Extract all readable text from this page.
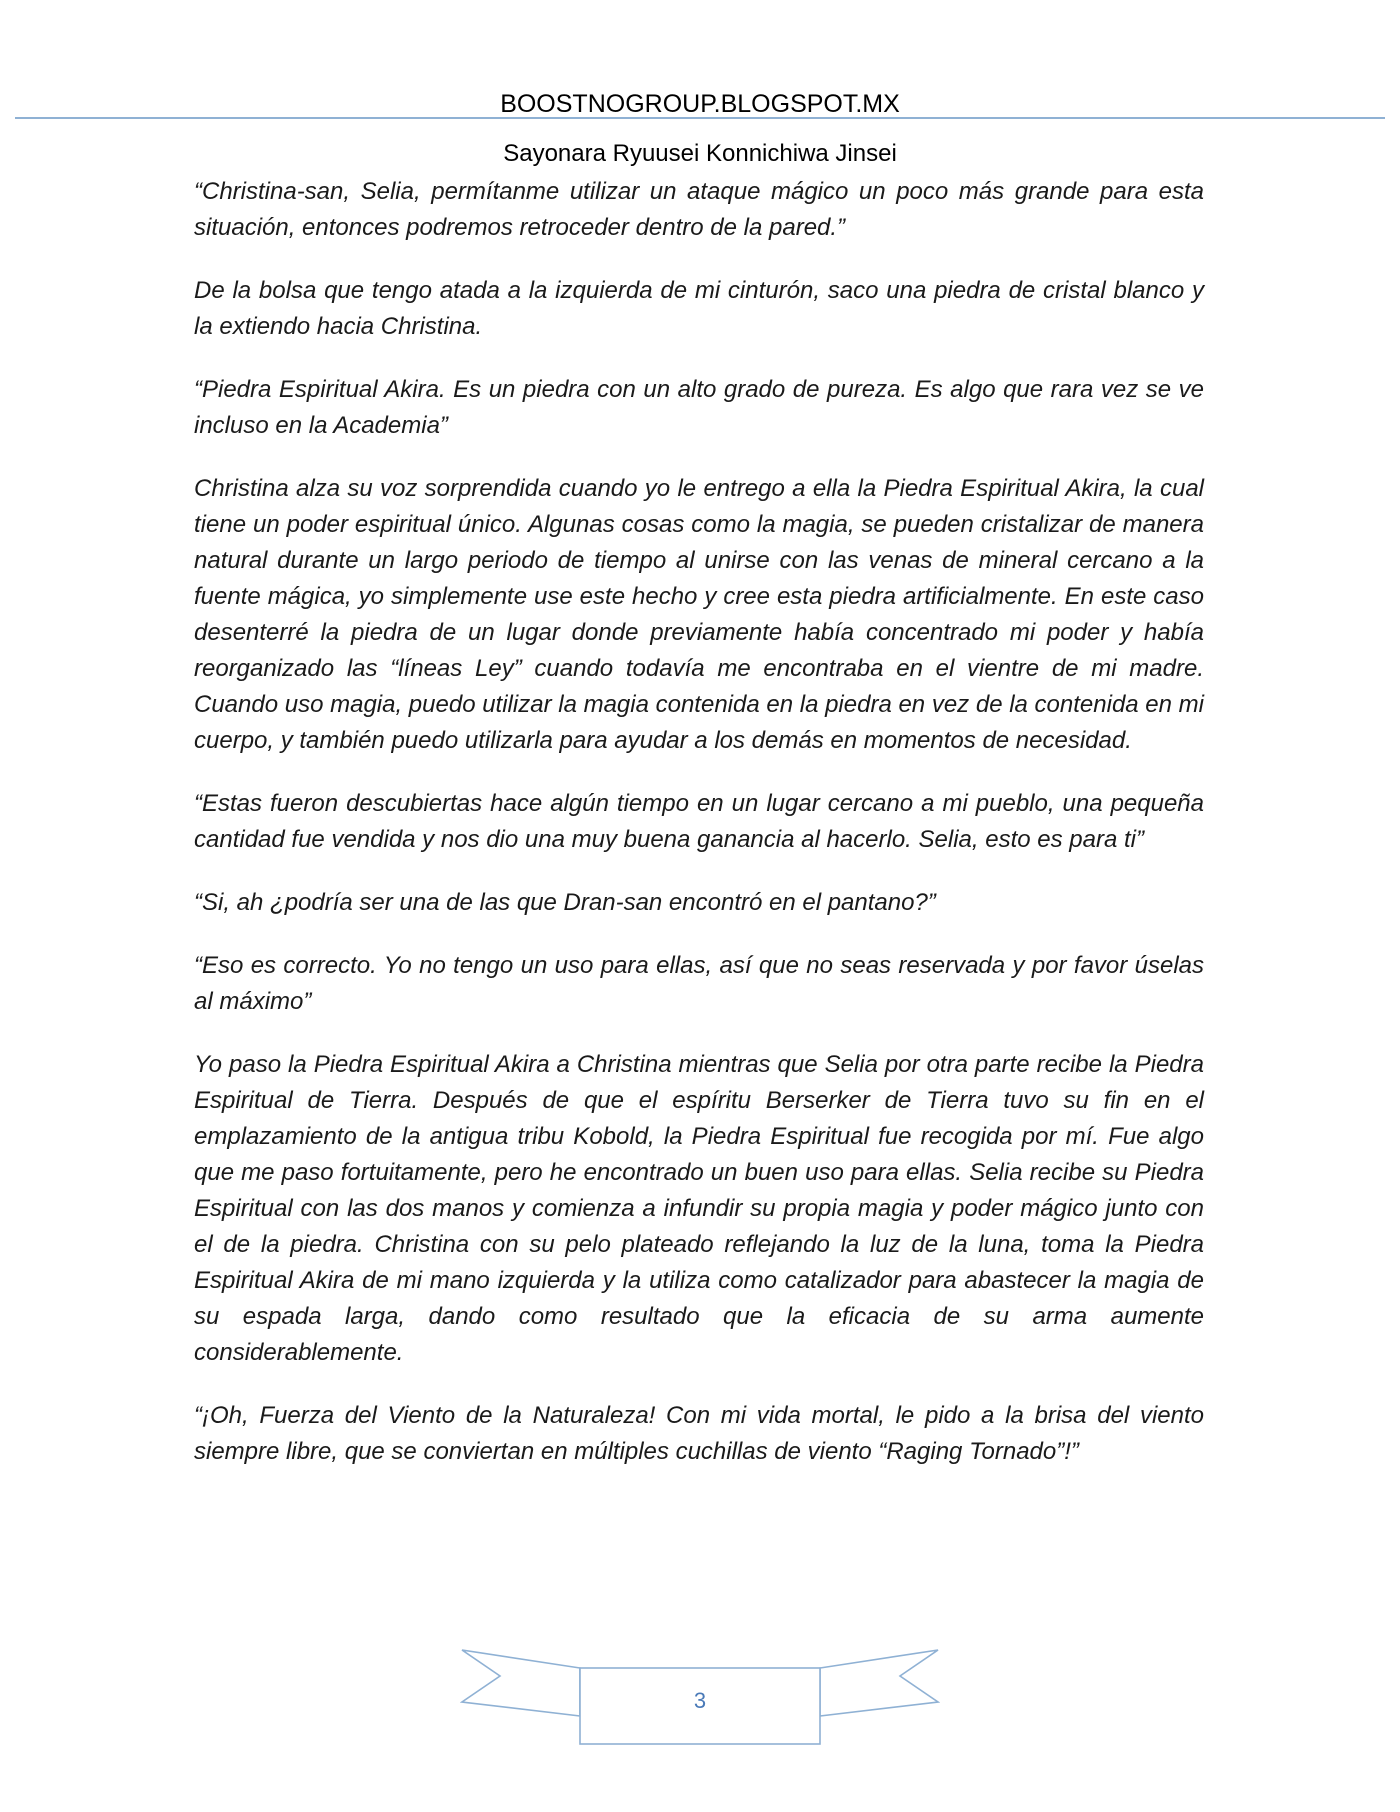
BOOSTNOGROUP.BLOGSPOT.MX
Sayonara Ryuusei Konnichiwa Jinsei

“Christina-san, Selia, permítanme utilizar un ataque mágico un poco más grande para esta situación, entonces podremos retroceder dentro de la pared.”

De la bolsa que tengo atada a la izquierda de mi cinturón, saco una piedra de cristal blanco y la extiendo hacia Christina.

“Piedra Espiritual Akira. Es un piedra con un alto grado de pureza. Es algo que rara vez se ve incluso en la Academia”

Christina alza su voz sorprendida cuando yo le entrego a ella la Piedra Espiritual Akira, la cual tiene un poder espiritual único. Algunas cosas como la magia, se pueden cristalizar de manera natural durante un largo periodo de tiempo al unirse con las venas de mineral cercano a la fuente mágica, yo simplemente use este hecho y cree esta piedra artificialmente. En este caso desenterré la piedra de un lugar donde previamente había concentrado mi poder y había reorganizado las “líneas Ley” cuando todavía me encontraba en el vientre de mi madre. Cuando uso magia, puedo utilizar la magia contenida en la piedra en vez de la contenida en mi cuerpo, y también puedo utilizarla para ayudar a los demás en momentos de necesidad.

“Estas fueron descubiertas hace algún tiempo en un lugar cercano a mi pueblo, una pequeña cantidad fue vendida y nos dio una muy buena ganancia al hacerlo. Selia, esto es para ti”

“Si, ah ¿podría ser una de las que Dran-san encontró en el pantano?”

“Eso es correcto. Yo no tengo un uso para ellas, así que no seas reservada y por favor úselas al máximo”

Yo paso la Piedra Espiritual Akira a Christina mientras que Selia por otra parte recibe la Piedra Espiritual de Tierra. Después de que el espíritu Berserker de Tierra tuvo su fin en el emplazamiento de la antigua tribu Kobold, la Piedra Espiritual fue recogida por mí. Fue algo que me paso fortuitamente, pero he encontrado un buen uso para ellas. Selia recibe su Piedra Espiritual con las dos manos y comienza a infundir su propia magia y poder mágico junto con el de la piedra. Christina con su pelo plateado reflejando la luz de la luna, toma la Piedra Espiritual Akira de mi mano izquierda y la utiliza como catalizador para abastecer la magia de su espada larga, dando como resultado que la eficacia de su arma aumente considerablemente.

“¡Oh, Fuerza del Viento de la Naturaleza! Con mi vida mortal, le pido a la brisa del viento siempre libre, que se conviertan en múltiples cuchillas de viento “Raging Tornado”!”

3
